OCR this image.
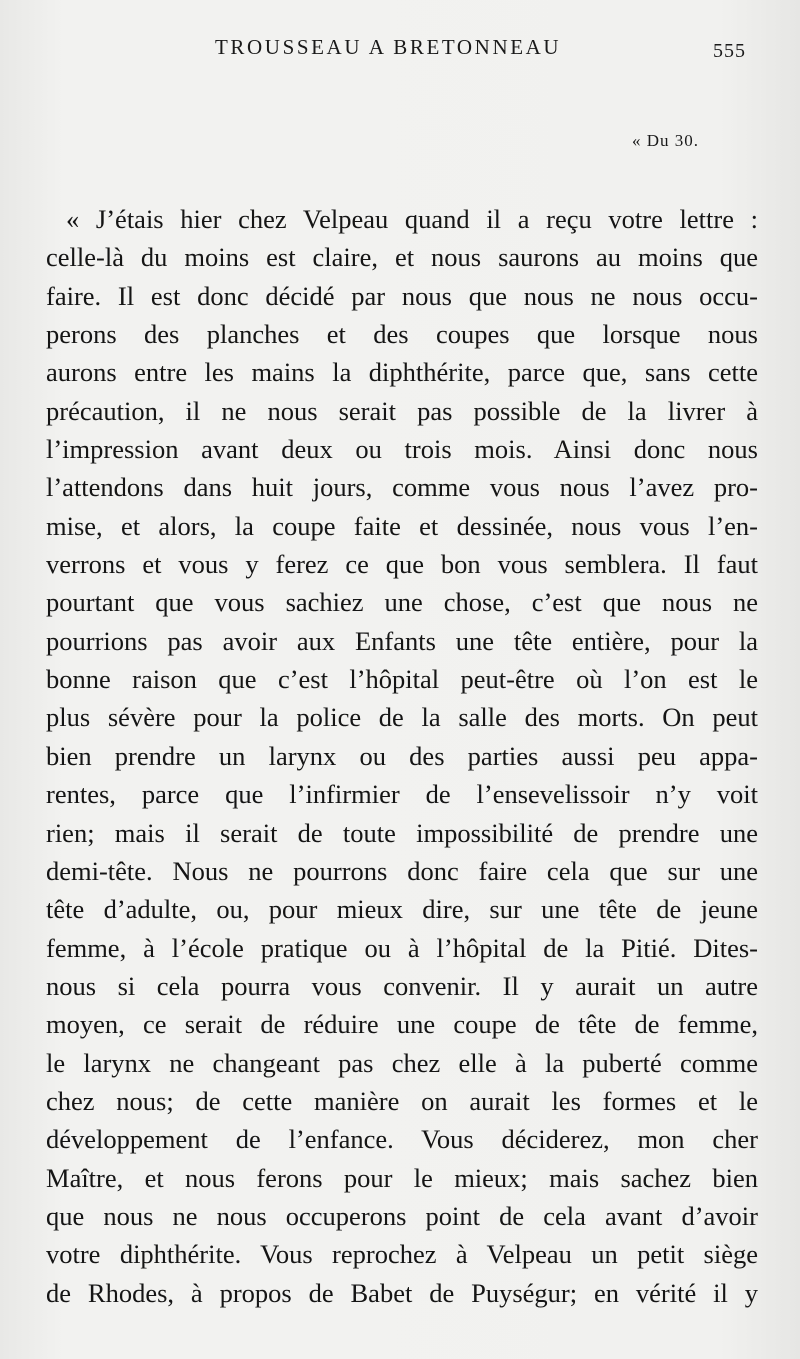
TROUSSEAU A BRETONNEAU	555
« Du 30.
« J’étais hier chez Velpeau quand il a reçu votre lettre :
celle-là du moins est claire, et nous saurons au moins que
faire. Il est donc décidé par nous que nous ne nous occu-
perons des planches et des coupes que lorsque nous
aurons entre les mains la diphthérite, parce que, sans cette
précaution, il ne nous serait pas possible de la livrer à
l’impression avant deux ou trois mois. Ainsi donc nous
l’attendons dans huit jours, comme vous nous l’avez pro-
mise, et alors, la coupe faite et dessinée, nous vous l’en-
verrons et vous y ferez ce que bon vous semblera. Il faut
pourtant que vous sachiez une chose, c’est que nous ne
pourrions pas avoir aux Enfants une tête entière, pour la
bonne raison que c’est l’hôpital peut-être où l’on est le
plus sévère pour la police de la salle des morts. On peut
bien prendre un larynx ou des parties aussi peu appa-
rentes, parce que l’infirmier de l’ensevelissoir n’y voit
rien; mais il serait de toute impossibilité de prendre une
demi-tête. Nous ne pourrons donc faire cela que sur une
tête d’adulte, ou, pour mieux dire, sur une tête de jeune
femme, à l’école pratique ou à l’hôpital de la Pitié. Dites-
nous si cela pourra vous convenir. Il y aurait un autre
moyen, ce serait de réduire une coupe de tête de femme,
le larynx ne changeant pas chez elle à la puberté comme
chez nous; de cette manière on aurait les formes et le
développement de l’enfance. Vous déciderez, mon cher
Maître, et nous ferons pour le mieux; mais sachez bien
que nous ne nous occuperons point de cela avant d’avoir
votre diphthérite. Vous reprochez à Velpeau un petit siège
de Rhodes, à propos de Babet de Puységur; en vérité il y
